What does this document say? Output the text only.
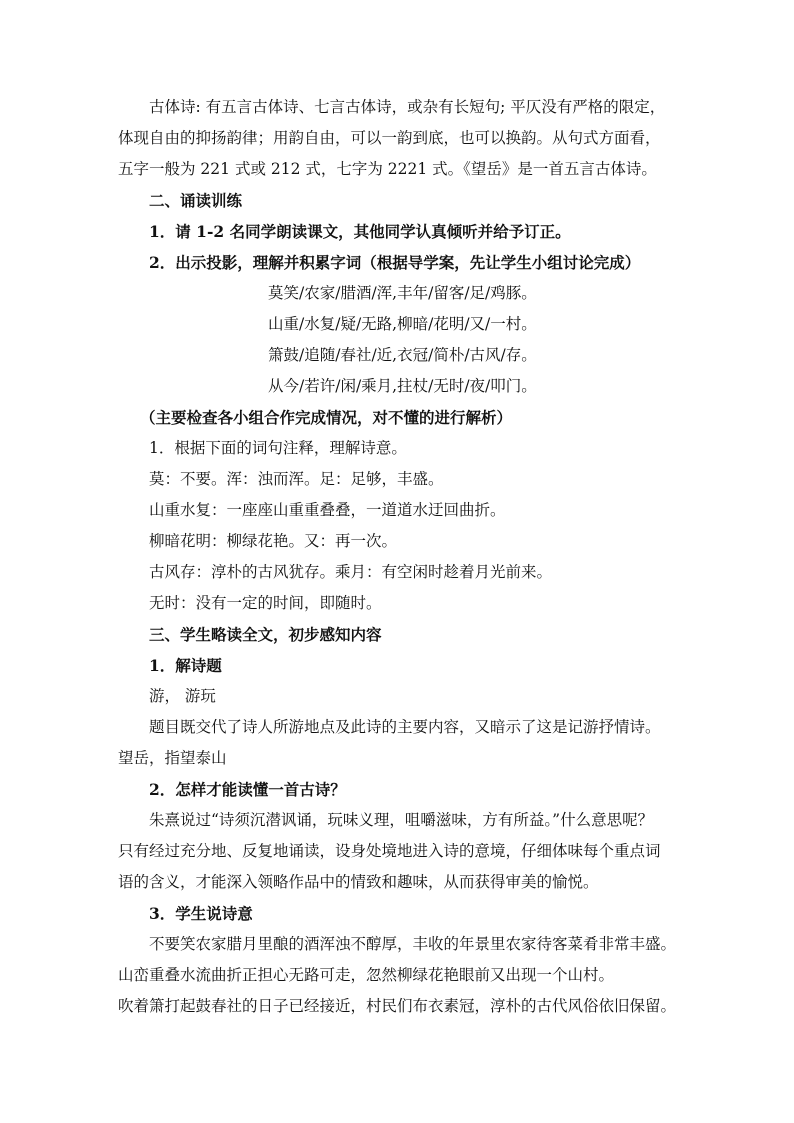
古体诗: 有五言古体诗、七言古体诗，或杂有长短句; 平仄没有严格的限定，

体现自由的抑扬韵律；用韵自由，可以一韵到底，也可以换韵。从句式方面看，

五字一般为 221 式或 212 式，七字为 2221 式。《望岳》是一首五言古体诗。

二、诵读训练

1．请 1-2 名同学朗读课文，其他同学认真倾听并给予订正。

2．出示投影，理解并积累字词（根据导学案，先让学生小组讨论完成）

莫笑/农家/腊酒/浑,丰年/留客/足/鸡豚。

山重/水复/疑/无路,柳暗/花明/又/一村。

箫鼓/追随/春社/近,衣冠/简朴/古风/存。

从今/若许/闲/乘月,拄杖/无时/夜/叩门。

（主要检查各小组合作完成情况，对不懂的进行解析）

1．根据下面的词句注释，理解诗意。

莫：不要。浑：浊而浑。足：足够，丰盛。

山重水复：一座座山重重叠叠，一道道水迂回曲折。

柳暗花明：柳绿花艳。又：再一次。

古风存：淳朴的古风犹存。乘月：有空闲时趁着月光前来。

无时：没有一定的时间，即随时。

三、学生略读全文，初步感知内容

1．解诗题

游， 游玩

题目既交代了诗人所游地点及此诗的主要内容，又暗示了这是记游抒情诗。

望岳，指望泰山

2．怎样才能读懂一首古诗？

朱熹说过“诗须沉潜讽诵，玩味义理，咀嚼滋味，方有所益。”什么意思呢？

只有经过充分地、反复地诵读，设身处境地进入诗的意境，仔细体味每个重点词

语的含义，才能深入领略作品中的情致和趣味，从而获得审美的愉悦。

3．学生说诗意

不要笑农家腊月里酿的酒浑浊不醇厚，丰收的年景里农家待客菜肴非常丰盛。

山峦重叠水流曲折正担心无路可走，忽然柳绿花艳眼前又出现一个山村。

吹着箫打起鼓春社的日子已经接近，村民们布衣素冠，淳朴的古代风俗依旧保留。
